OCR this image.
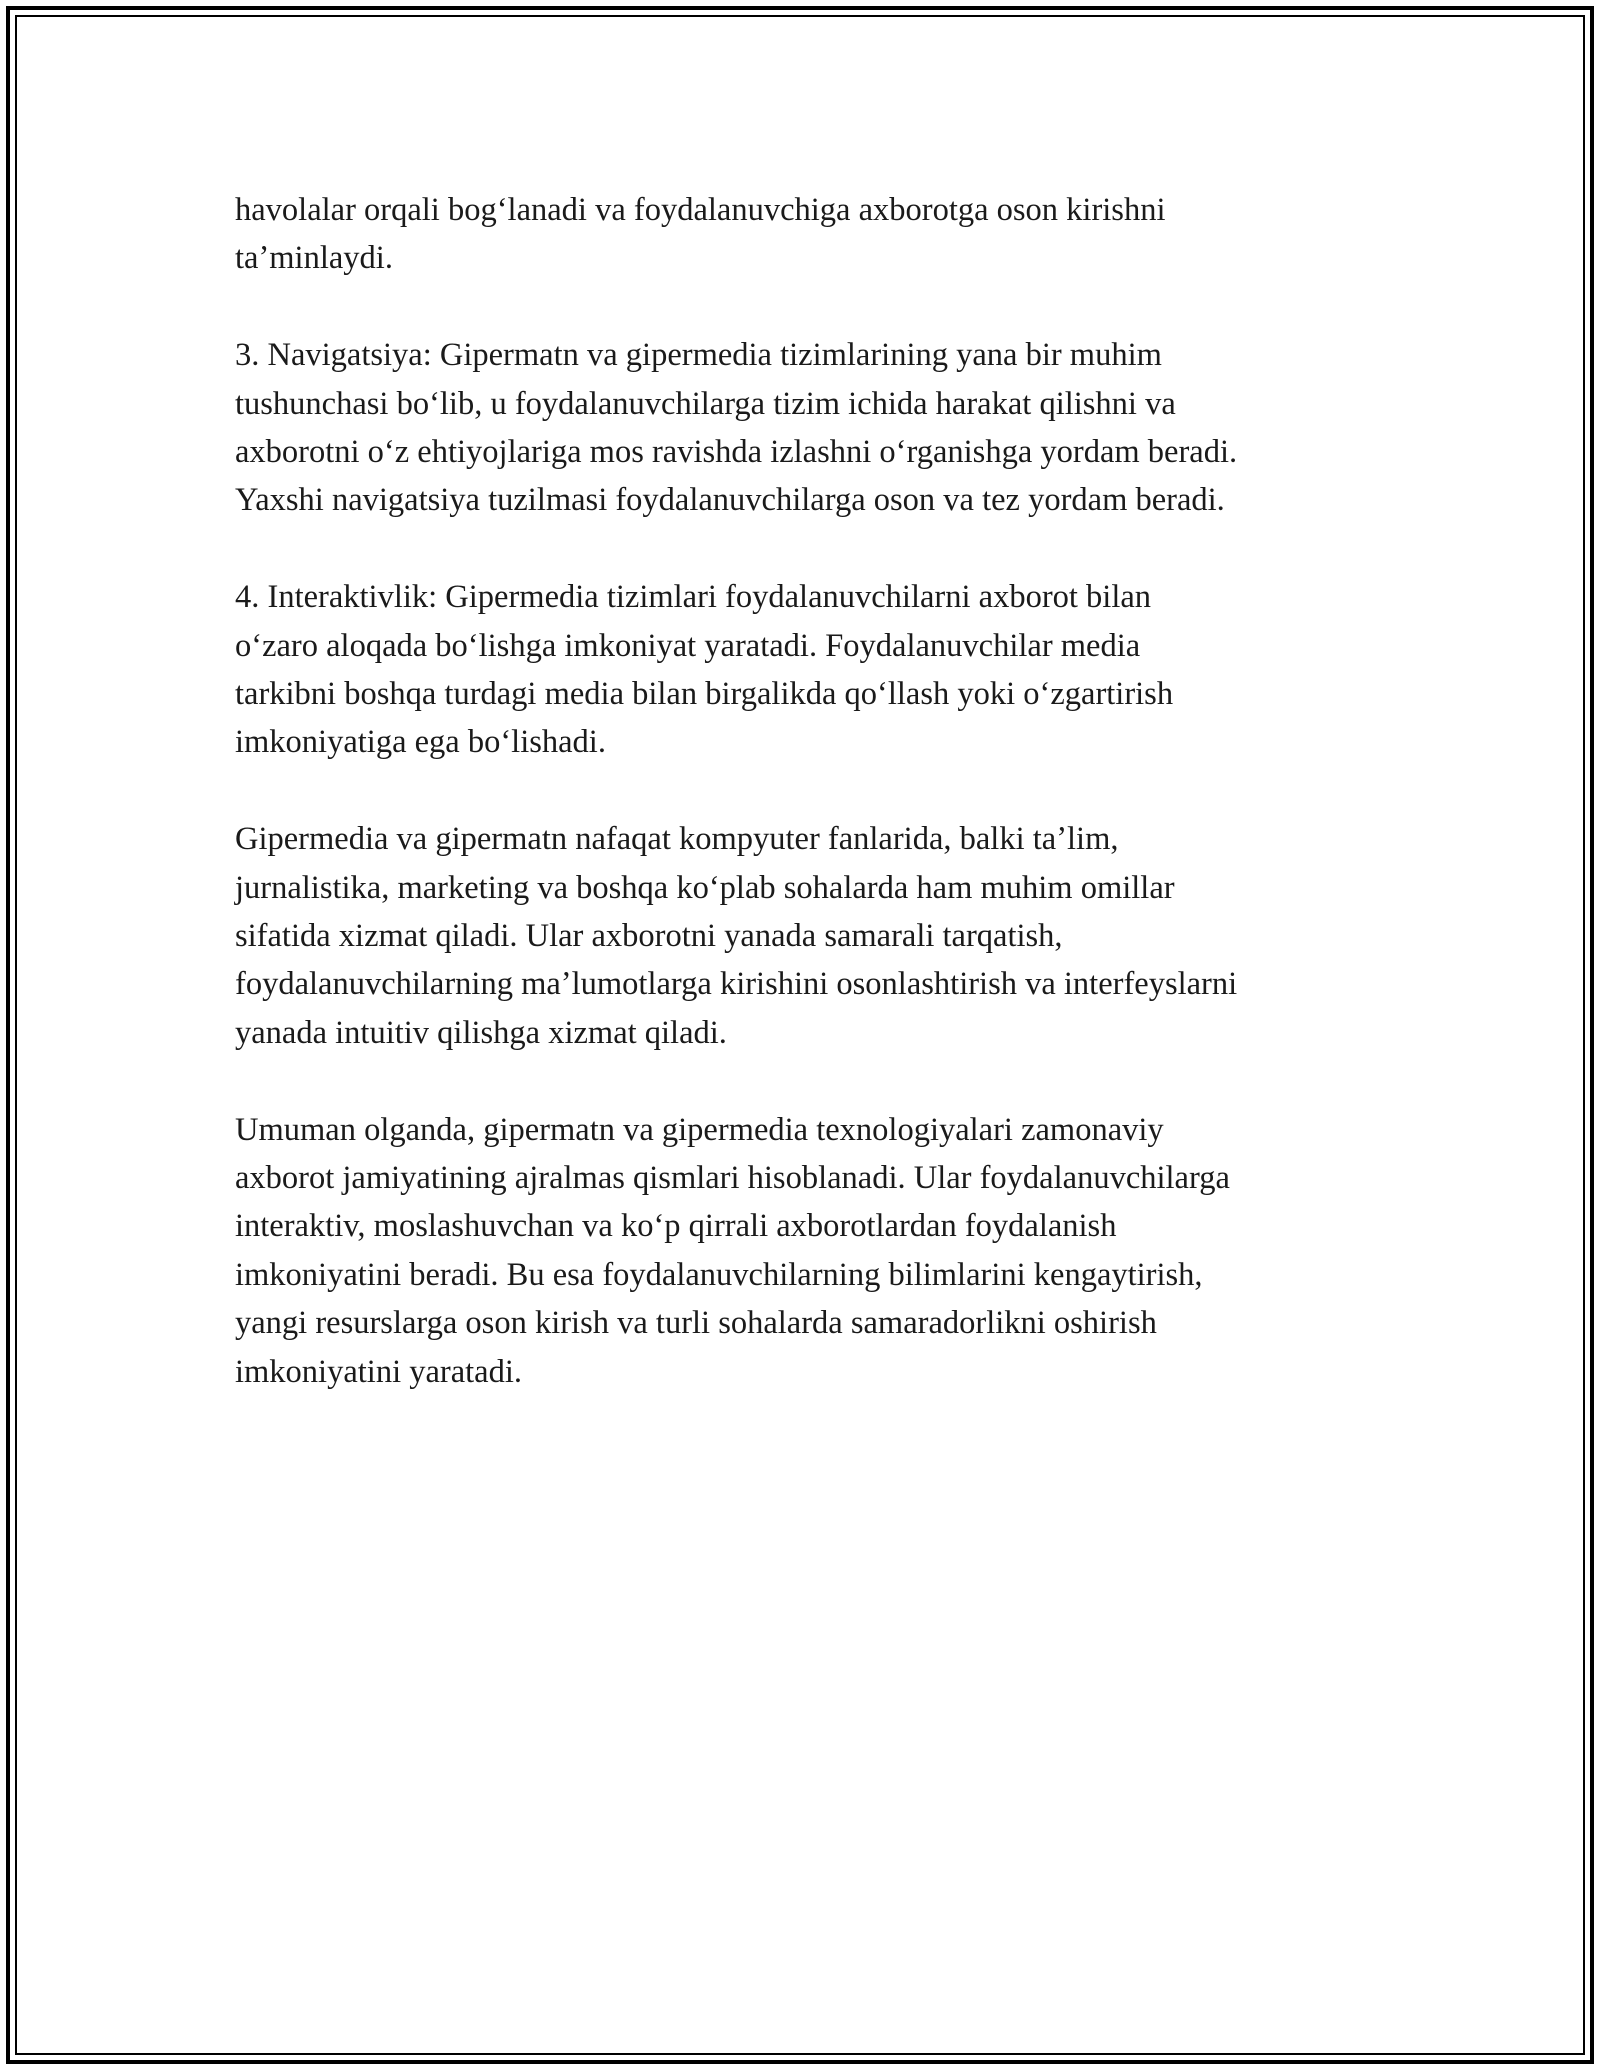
havolalar orqali bogʻlanadi va foydalanuvchiga axborotga oson kirishni
taʼminlaydi.

3. Navigatsiya: Gipermatn va gipermedia tizimlarining yana bir muhim
tushunchasi boʻlib, u foydalanuvchilarga tizim ichida harakat qilishni va
axborotni oʻz ehtiyojlariga mos ravishda izlashni oʻrganishga yordam beradi.
Yaxshi navigatsiya tuzilmasi foydalanuvchilarga oson va tez yordam beradi.

4. Interaktivlik: Gipermedia tizimlari foydalanuvchilarni axborot bilan
oʻzaro aloqada boʻlishga imkoniyat yaratadi. Foydalanuvchilar media
tarkibni boshqa turdagi media bilan birgalikda qoʻllash yoki oʻzgartirish
imkoniyatiga ega boʻlishadi.

Gipermedia va gipermatn nafaqat kompyuter fanlarida, balki taʼlim,
jurnalistika, marketing va boshqa koʻplab sohalarda ham muhim omillar
sifatida xizmat qiladi. Ular axborotni yanada samarali tarqatish,
foydalanuvchilarning maʼlumotlarga kirishini osonlashtirish va interfeyslarni
yanada intuitiv qilishga xizmat qiladi.

Umuman olganda, gipermatn va gipermedia texnologiyalari zamonaviy
axborot jamiyatining ajralmas qismlari hisoblanadi. Ular foydalanuvchilarga
interaktiv, moslashuvchan va koʻp qirrali axborotlardan foydalanish
imkoniyatini beradi. Bu esa foydalanuvchilarning bilimlarini kengaytirish,
yangi resurslarga oson kirish va turli sohalarda samaradorlikni oshirish
imkoniyatini yaratadi.
